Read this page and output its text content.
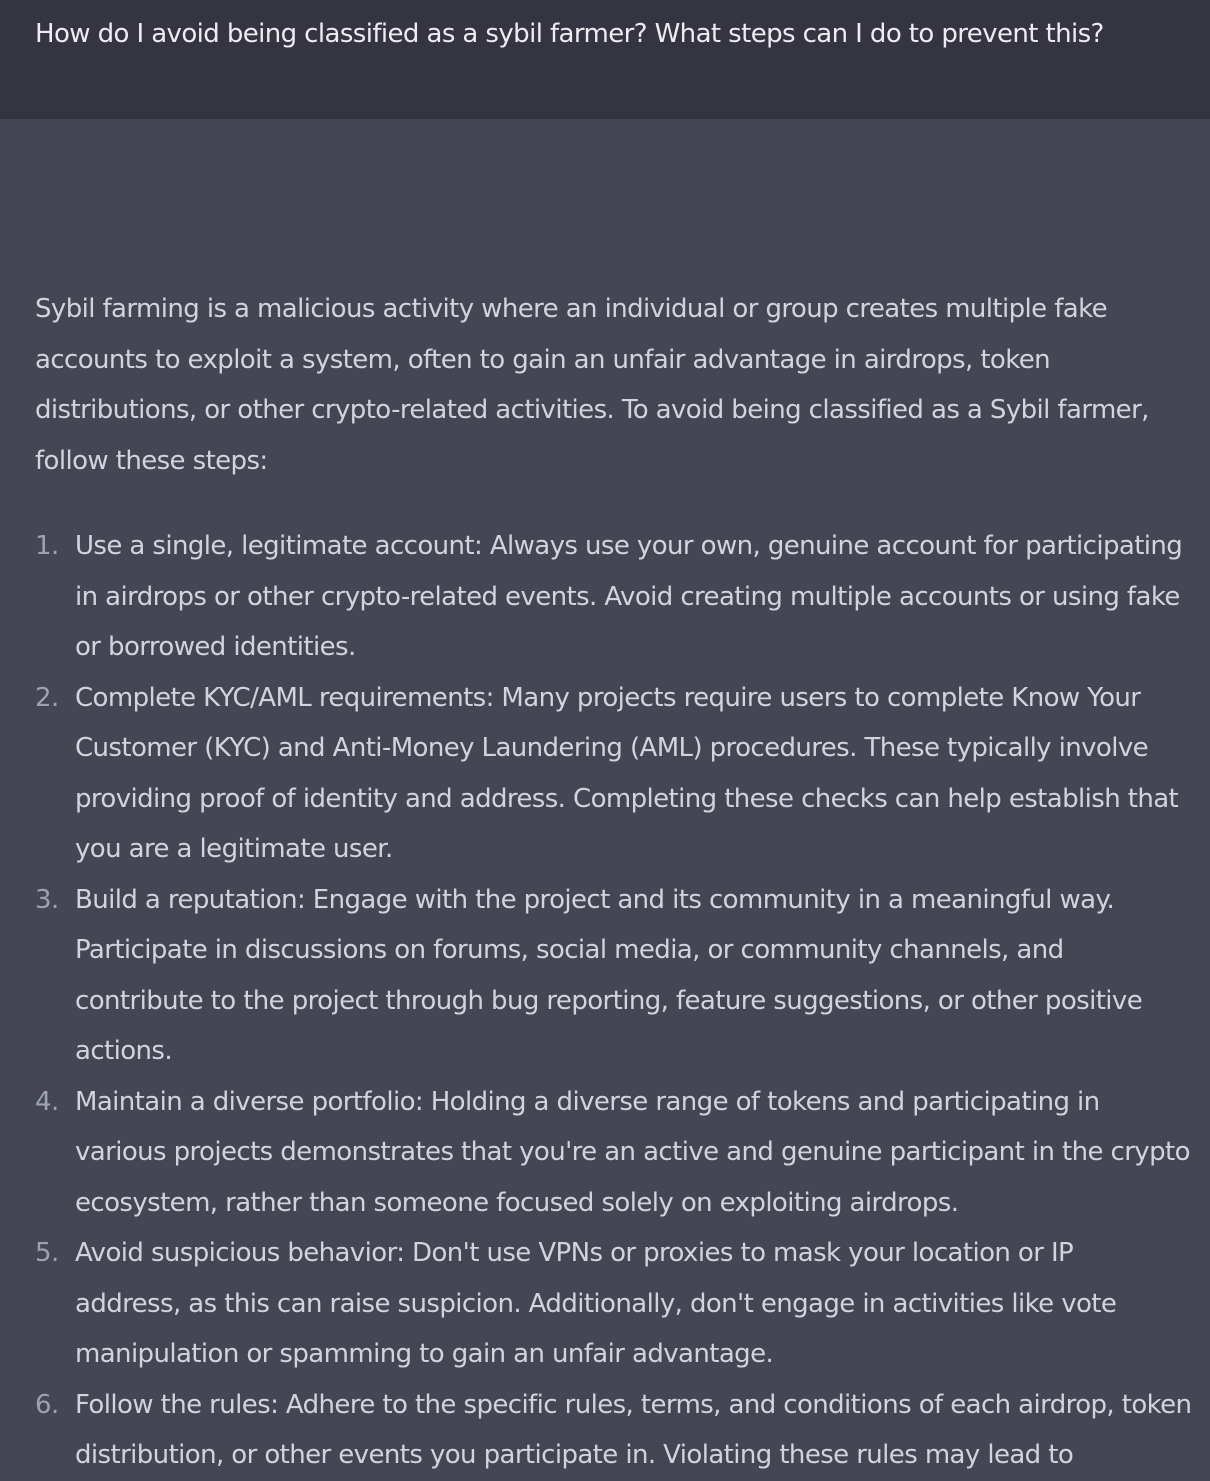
How do I avoid being classified as a sybil farmer? What steps can I do to prevent this?

Sybil farming is a malicious activity where an individual or group creates multiple fake
accounts to exploit a system, often to gain an unfair advantage in airdrops, token
distributions, or other crypto-related activities. To avoid being classified as a Sybil farmer,
follow these steps:

1. Use a single, legitimate account: Always use your own, genuine account for participating
in airdrops or other crypto-related events. Avoid creating multiple accounts or using fake
or borrowed identities.
2. Complete KYC/AML requirements: Many projects require users to complete Know Your
Customer (KYC) and Anti-Money Laundering (AML) procedures. These typically involve
providing proof of identity and address. Completing these checks can help establish that
you are a legitimate user.
3. Build a reputation: Engage with the project and its community in a meaningful way.
Participate in discussions on forums, social media, or community channels, and
contribute to the project through bug reporting, feature suggestions, or other positive
actions.
4. Maintain a diverse portfolio: Holding a diverse range of tokens and participating in
various projects demonstrates that you're an active and genuine participant in the crypto
ecosystem, rather than someone focused solely on exploiting airdrops.
5. Avoid suspicious behavior: Don't use VPNs or proxies to mask your location or IP
address, as this can raise suspicion. Additionally, don't engage in activities like vote
manipulation or spamming to gain an unfair advantage.
6. Follow the rules: Adhere to the specific rules, terms, and conditions of each airdrop, token
distribution, or other events you participate in. Violating these rules may lead to
